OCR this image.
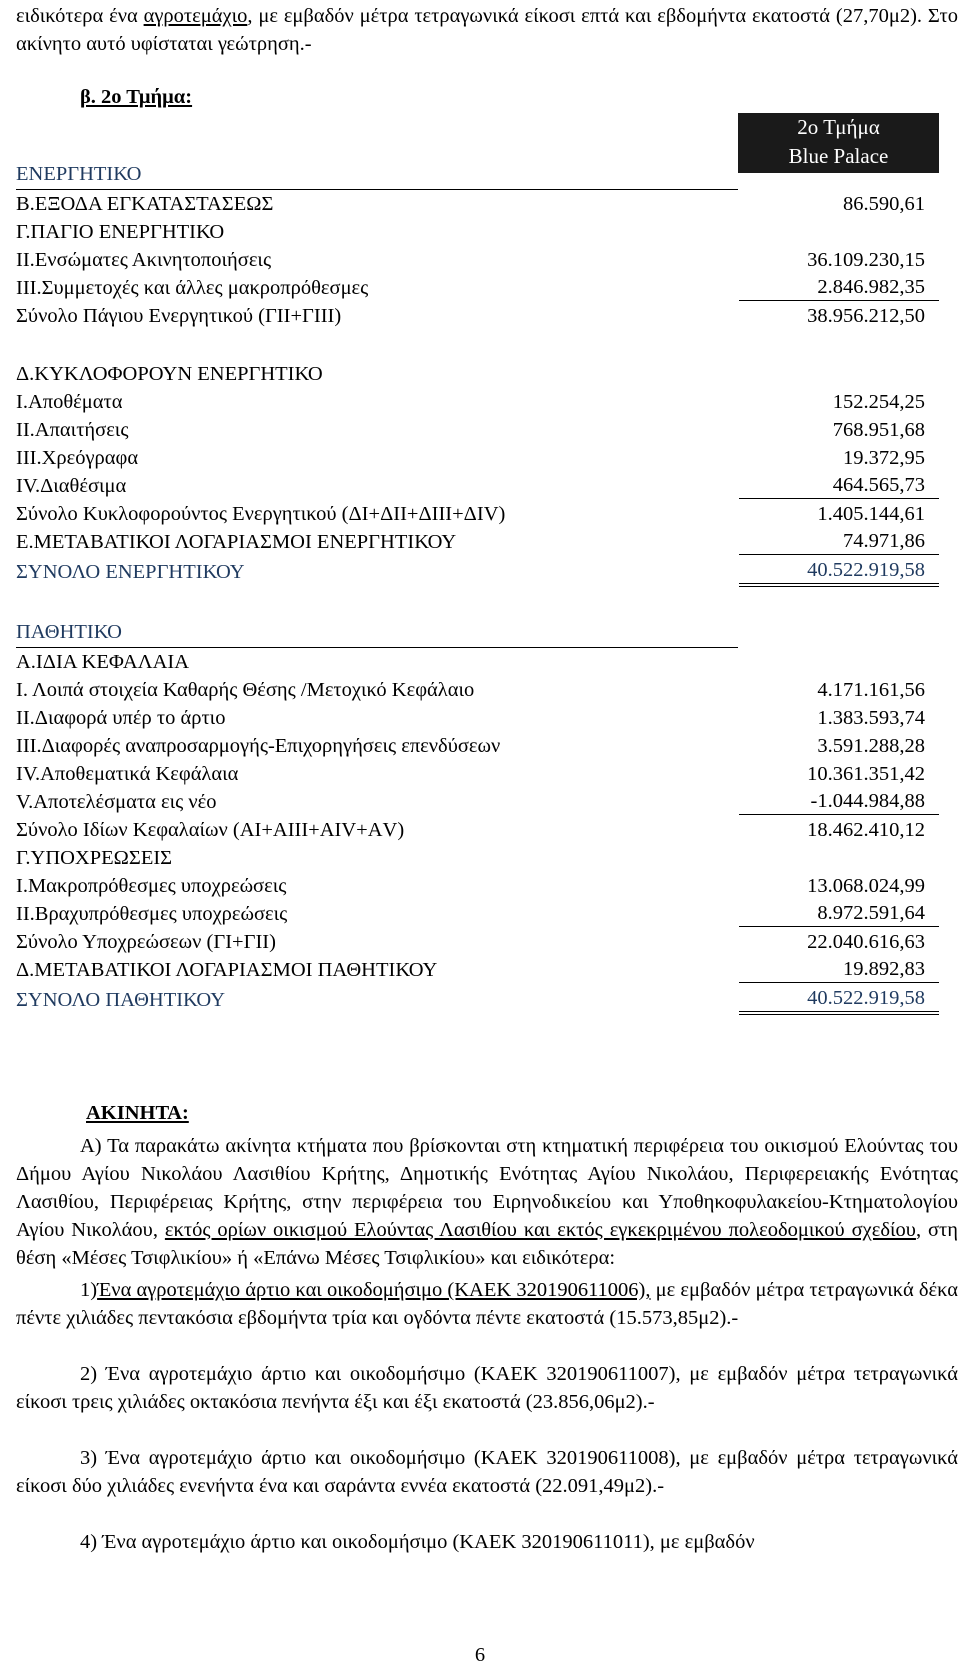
ειδικότερα ένα αγροτεμάχιο, με εμβαδόν μέτρα τετραγωνικά είκοσι επτά και εβδομήντα εκατοστά (27,70μ2). Στο ακίνητο αυτό υφίσταται γεώτρηση.-

β. 2ο Τμήμα:
2ο Τμήμα
Blue Palace
ΕΝΕΡΓΗΤΙΚΟ
Β.ΕΞΟΔΑ ΕΓΚΑΤΑΣΤΑΣΕΩΣ	86.590,61
Γ.ΠΑΓΙΟ ΕΝΕΡΓΗΤΙΚΟ
ΙΙ.Ενσώματες Ακινητοποιήσεις	36.109.230,15
ΙΙΙ.Συμμετοχές και άλλες μακροπρόθεσμες	2.846.982,35
Σύνολο Πάγιου Ενεργητικού (ΓΙΙ+ΓΙΙΙ)	38.956.212,50
Δ.ΚΥΚΛΟΦΟΡΟΥΝ ΕΝΕΡΓΗΤΙΚΟ
Ι.Αποθέματα	152.254,25
ΙΙ.Απαιτήσεις	768.951,68
ΙΙΙ.Χρεόγραφα	19.372,95
IV.Διαθέσιμα	464.565,73
Σύνολο Κυκλοφορούντος Ενεργητικού (ΔΙ+ΔΙΙ+ΔΙΙΙ+ΔΙV)	1.405.144,61
Ε.ΜΕΤΑΒΑΤΙΚΟΙ ΛΟΓΑΡΙΑΣΜΟΙ ΕΝΕΡΓΗΤΙΚΟΥ	74.971,86
ΣΥΝΟΛΟ ΕΝΕΡΓΗΤΙΚΟΥ	40.522.919,58
ΠΑΘΗΤΙΚΟ
Α.ΙΔΙΑ ΚΕΦΑΛΑΙΑ
Ι. Λοιπά στοιχεία Καθαρής Θέσης /Μετοχικό Κεφάλαιο	4.171.161,56
ΙΙ.Διαφορά υπέρ το άρτιο	1.383.593,74
ΙΙΙ.Διαφορές αναπροσαρμογής-Επιχορηγήσεις επενδύσεων	3.591.288,28
IV.Αποθεματικά Κεφάλαια	10.361.351,42
V.Αποτελέσματα εις νέο	-1.044.984,88
Σύνολο Ιδίων Κεφαλαίων (ΑΙ+ΑΙΙΙ+ΑΙV+ΑV)	18.462.410,12
Γ.ΥΠΟΧΡΕΩΣΕΙΣ
Ι.Μακροπρόθεσμες υποχρεώσεις	13.068.024,99
ΙΙ.Βραχυπρόθεσμες υποχρεώσεις	8.972.591,64
Σύνολο Υποχρεώσεων (ΓΙ+ΓΙΙ)	22.040.616,63
Δ.ΜΕΤΑΒΑΤΙΚΟΙ ΛΟΓΑΡΙΑΣΜΟΙ ΠΑΘΗΤΙΚΟΥ	19.892,83
ΣΥΝΟΛΟ ΠΑΘΗΤΙΚΟΥ	40.522.919,58
ΑΚΙΝΗΤΑ:

Α) Τα παρακάτω ακίνητα κτήματα που βρίσκονται στη κτηματική περιφέρεια του οικισμού Ελούντας του Δήμου Αγίου Νικολάου Λασιθίου Κρήτης, Δημοτικής Ενότητας Αγίου Νικολάου, Περιφερειακής Ενότητας Λασιθίου, Περιφέρειας Κρήτης, στην περιφέρεια του Ειρηνοδικείου και Υποθηκοφυλακείου-Κτηματολογίου Αγίου Νικολάου, εκτός ορίων οικισμού Ελούντας Λασιθίου και εκτός εγκεκριμένου πολεοδομικού σχεδίου, στη θέση «Μέσες Τσιφλικίου» ή «Επάνω Μέσες Τσιφλικίου» και ειδικότερα:

1)Ένα αγροτεμάχιο άρτιο και οικοδομήσιμο (ΚΑΕΚ 320190611006), με εμβαδόν μέτρα τετραγωνικά δέκα πέντε χιλιάδες πεντακόσια εβδομήντα τρία και ογδόντα πέντε εκατοστά (15.573,85μ2).-

2) Ένα αγροτεμάχιο άρτιο και οικοδομήσιμο (ΚΑΕΚ 320190611007), με εμβαδόν μέτρα τετραγωνικά είκοσι τρεις χιλιάδες οκτακόσια πενήντα έξι και έξι εκατοστά (23.856,06μ2).-

3) Ένα αγροτεμάχιο άρτιο και οικοδομήσιμο (ΚΑΕΚ 320190611008), με εμβαδόν μέτρα τετραγωνικά είκοσι δύο χιλιάδες ενενήντα ένα και σαράντα εννέα εκατοστά (22.091,49μ2).-

4) Ένα αγροτεμάχιο άρτιο και οικοδομήσιμο (ΚΑΕΚ 320190611011), με εμβαδόν

6
